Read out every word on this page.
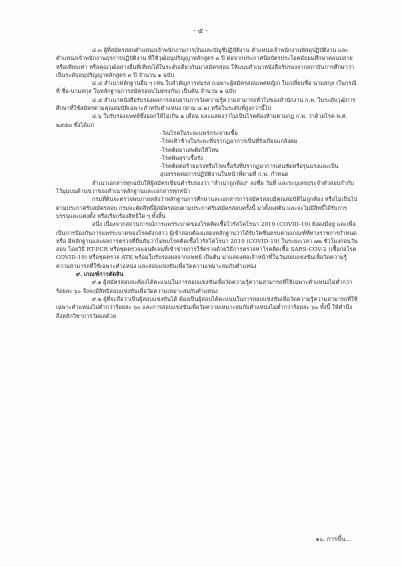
- ๕ -

๔.๓ ผู้ที่สมัครสอบตำแหน่งเจ้าพนักงานการเงินและบัญชีปฏิบัติงาน ตำแหน่งเจ้าพนักงานพัสดุปฏิบัติงาน และตำแหน่งเจ้าพนักงานธุรการปฏิบัติงาน ที่ใช้วุฒิอนุปริญญาหลักสูตร ๓ ปี ต่อจากประกาศนียบัตรประโยคมัธยมศึกษาตอนปลายหรือเทียบเท่า หรือคุณวุฒิอย่างอื่นที่เทียบได้ในระดับเดียวกันมาสมัครสอบ ให้แนบสำเนาหนังสือรับรองจากสถาบันการศึกษาว่าเป็นระดับอนุปริญญาหลักสูตร ๓ ปี จำนวน ๑ ฉบับ

๔.๔ สำเนาหลักฐานอื่น ๆ เช่น ใบสำคัญการสมรส (เฉพาะผู้สมัครสอบเพศหญิง) ใบเปลี่ยนชื่อ นามสกุล (ในกรณีที่ ชื่อ-นามสกุล ในหลักฐานการสมัครสอบไม่ตรงกัน) เป็นต้น จำนวน ๑ ฉบับ

๔.๕ สำเนาหนังสือรับรองผลการสอบผ่านการวัดความรู้ความสามารถทั่วไปของสำนักงาน ก.พ. ในระดับวุฒิการศึกษาที่ใช้สมัครตามคุณสมบัติเฉพาะสำหรับตำแหน่ง (ตาม ๔.๒) หรือในระดับที่สูงกว่านี้ไป

๔.๖ ใบรับรองแพทย์ซึ่งออกให้ไม่เกิน ๑ เดือน และแสดงว่าไม่เป็นโรคต้องห้ามตามกฎ ก.พ. ว่าด้วยโรค พ.ศ. ๒๕๕๓ ซึ่งได้แก่

-วัณโรคในระยะแพร่กระจายเชื้อ

-โรคเท้าช้างในระยะที่ปรากฏอาการเป็นที่รังเกียจแก่สังคม

-โรคติดยาเสพติดให้โทษ

-โรคพิษสุราเรื้อรัง

-โรคติดต่อร้ายแรงหรือโรคเรื้อรังที่ปรากฏอาการเด่นชัดหรือรุนแรงและเป็นอุปสรรคต่อการปฏิบัติงานในหน้าที่ตามที่ ก.พ. กำหนด

สำเนาเอกสารทุกฉบับให้ผู้สมัครเขียนคำรับรองว่า "สำเนาถูกต้อง" ลงชื่อ วันที่ และระบุเลขประจำตัวสอบกำกับไว้มุมบนด้านขวาของสำเนาหลักฐานและเอกสารทุกหน้า

กรมที่ดินจะตรวจพบภายหลังว่าหลักฐานการศึกษาและเอกสารการสมัครสอบมีคุณสมบัติไม่ถูกต้อง หรือไม่เป็นไปตามประกาศรับสมัครสอบ กรมจะตัดสิทธิ์ผู้สมัครสอบตามประกาศรับสมัครสอบครั้งนี้ มาตั้งแต่ต้น และจะไม่มีสิทธิ์ได้รับการบรรจุและแต่งตั้ง หรือเรียกร้องสิทธิใด ๆ ทั้งสิ้น

อนึ่ง เนื่องจากสถานการณ์การแพร่ระบาดของโรคติดเชื้อไวรัสโคโรนา 2019 (COVID-19) ยังคงมีอยู่ และเพื่อเป็นการป้องกันการแพร่ระบาดของโรคดังกล่าว ผู้เข้าสอบต้องแสดงหลักฐานว่าได้รับวัคซีนครบตามเกณฑ์ที่ทางราชการกำหนด หรือ มีหลักฐานและผลการตรวจที่ยืนยันว่าไม่พบโรคติดเชื้อไวรัสโคโรนา 2019 (COVID-19) ในระยะเวลา ๗๒ ชั่วโมงก่อนวันสอบ โดยวิธี RT-PCR หรือชุดตรวจแอนติเจนที่เข้าข่ายการใช้ตรวจด้วยวิธีการตรวจหาโรคติดเชื้อ SARS-COV-2 (เชื้อก่อโรค COVID-19) หรือชุดตรวจ ATK พร้อมใบรับรองผลจากแพทย์ เป็นต้น มาแสดงต่อเจ้าหน้าที่ในวันสอบแข่งขันเพื่อวัดความรู้ความสามารถที่ใช้เฉพาะตำแหน่ง และสอบแข่งขันเพื่อวัดความเหมาะสมกับตำแหน่ง

๙. เกณฑ์การตัดสิน

๙.๑ ผู้สมัครสอบจะต้องได้คะแนนในการสอบแข่งขันเพื่อวัดความรู้ความสามารถที่ใช้เฉพาะตำแหน่งไม่ต่ำกว่าร้อยละ ๖๐ จึงจะมีสิทธิสอบแข่งขันเพื่อวัดความเหมาะสมกับตำแหน่ง

๙.๒ ผู้ที่จะถือว่าเป็นผู้สอบแข่งขันได้ ต้องเป็นผู้สอบได้คะแนนในการสอบแข่งขันเพื่อวัดความรู้ความสามารถที่ใช้เฉพาะตำแหน่งไม่ต่ำกว่าร้อยละ ๖๐ และการสอบแข่งขันเพื่อวัดความเหมาะสมกับตำแหน่งไม่ต่ำกว่าร้อยละ ๖๐ ทั้งนี้ ให้คำนึงถึงหลักวิชาการวัดผลด้วย

๑๐. การขึ้น...
